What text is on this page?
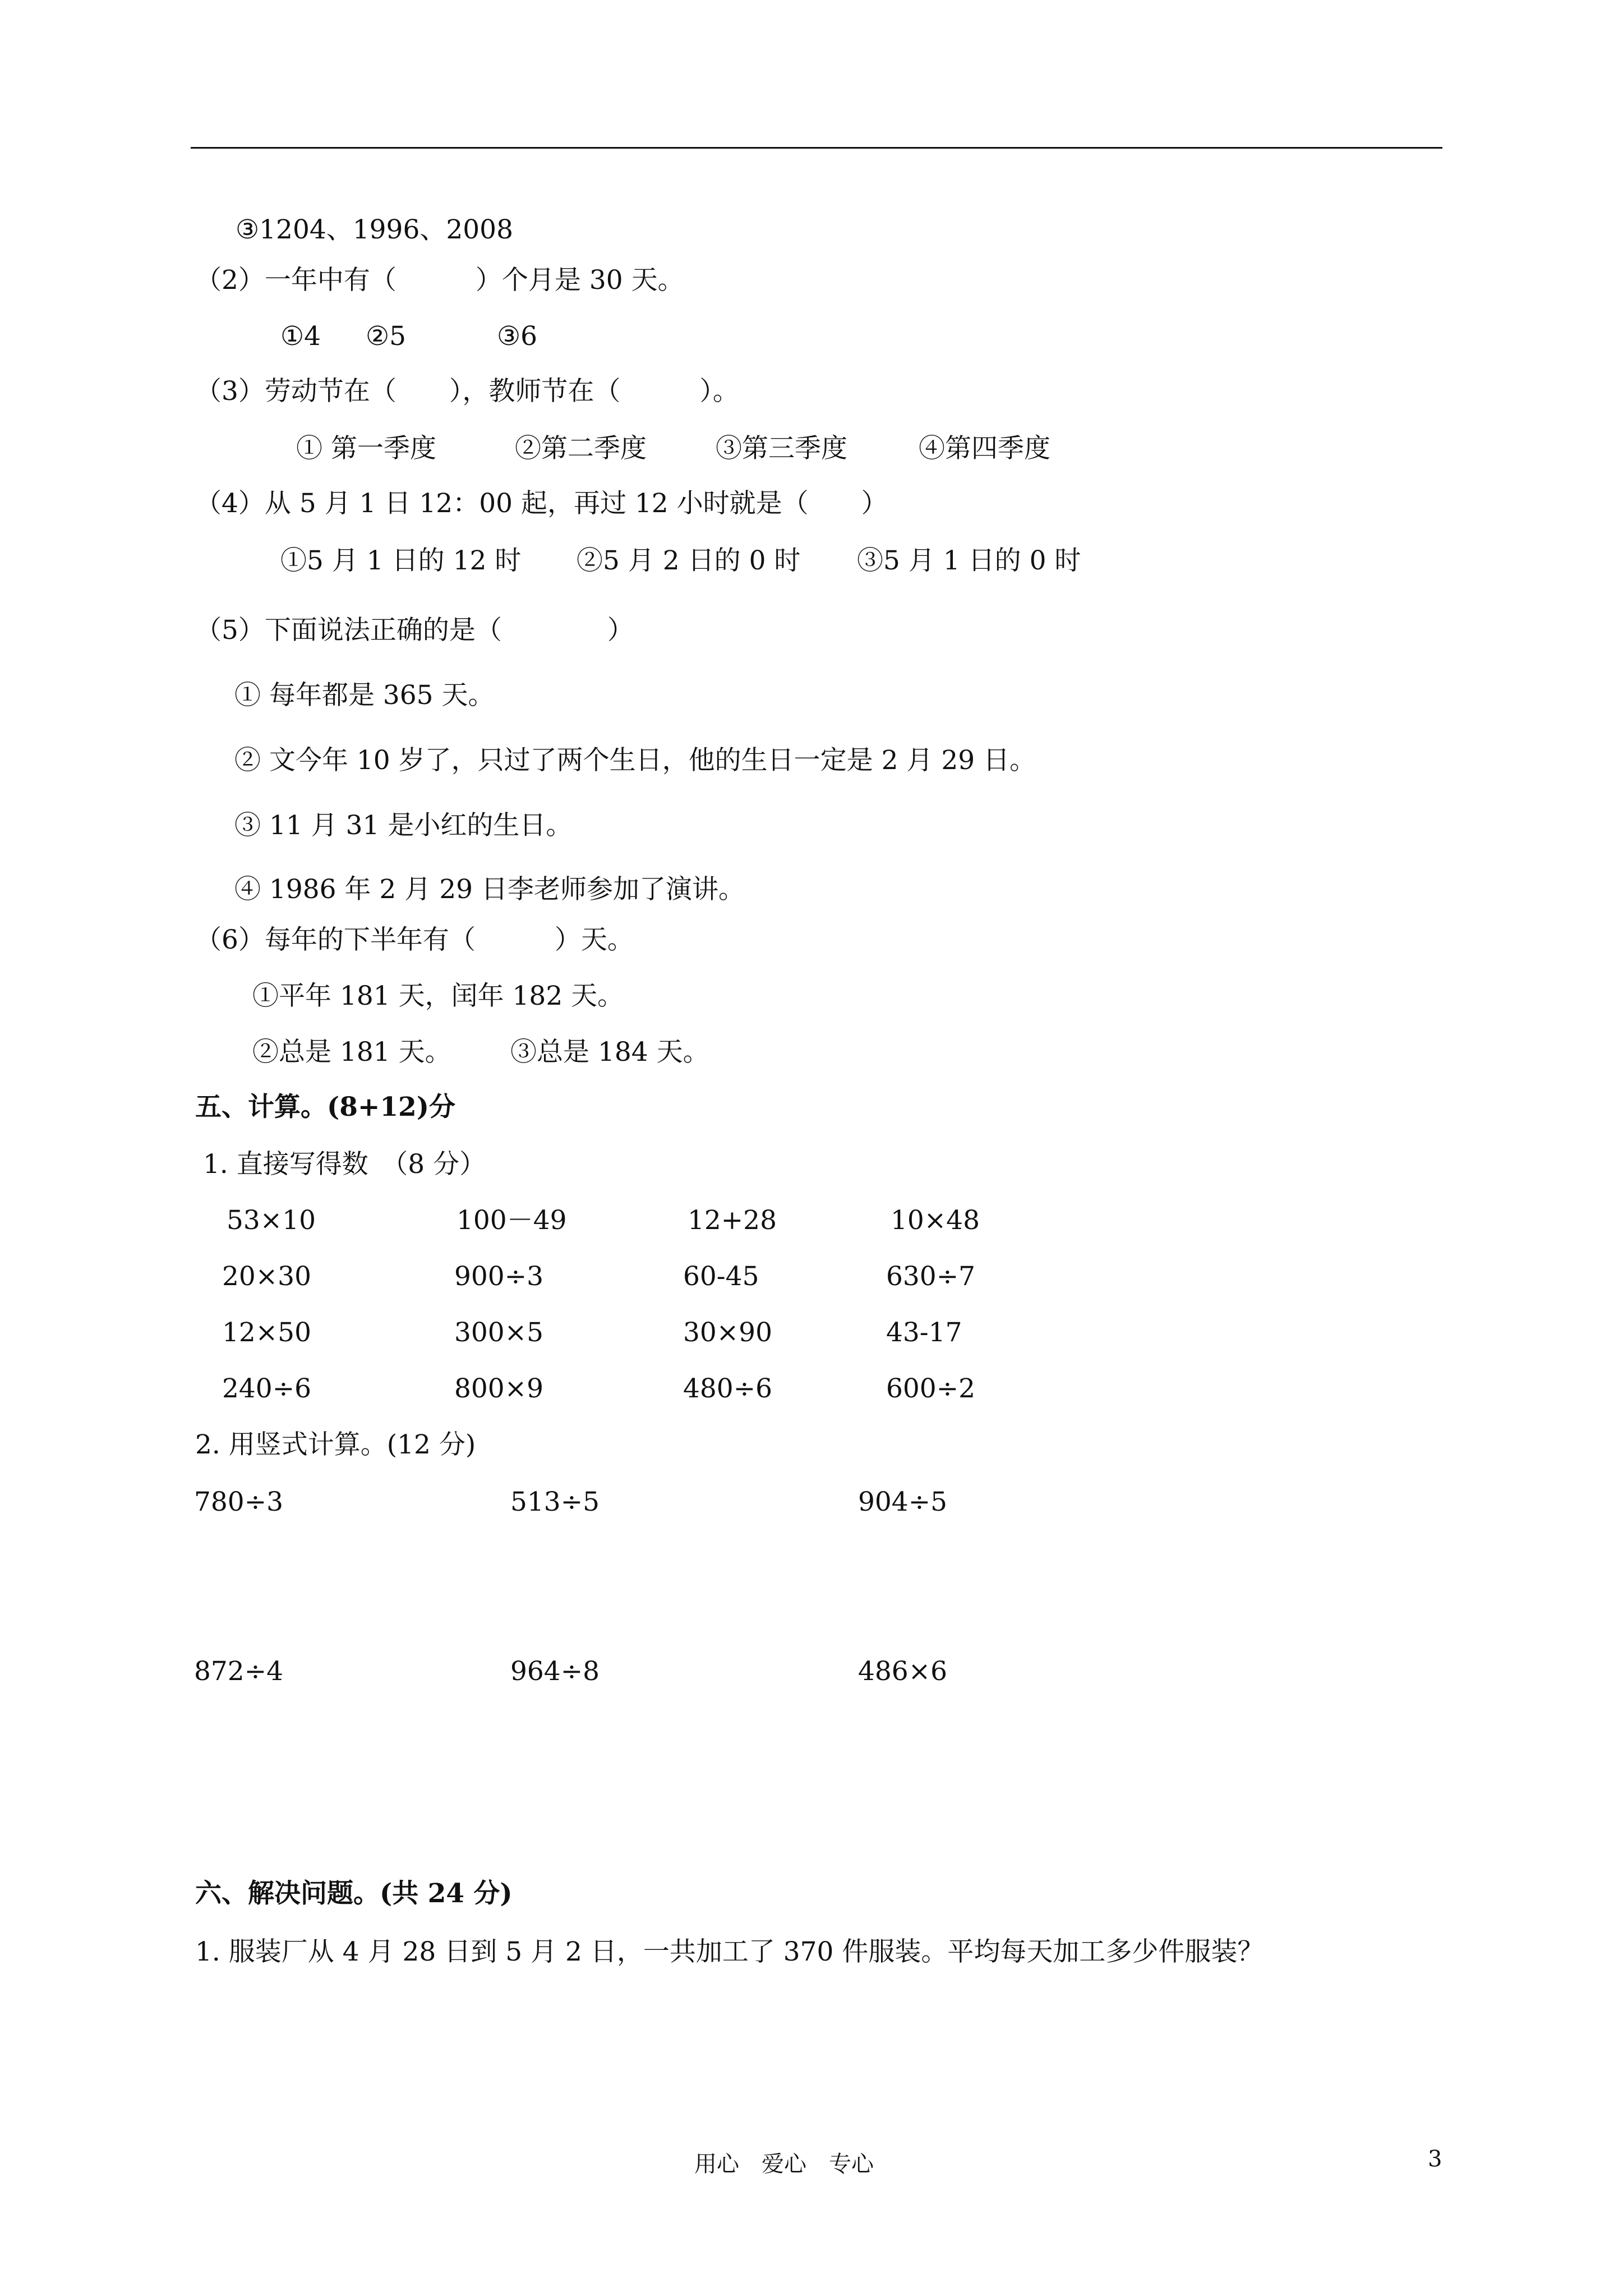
③1204、1996、2008
（2）一年中有（　　　）个月是 30 天。
①4 ②5	③6
（3）劳动节在（　　），教师节在（　　　）。
① 第一季度	②第二季度	③第三季度	④第四季度
（4）从 5 月 1 日 12：00 起，再过 12 小时就是（　　）
①5 月 1 日的 12 时 ②5 月 2 日的 0 时 ③5 月 1 日的 0 时
（5）下面说法正确的是（　　　　）
① 每年都是 365 天。
② 文今年 10 岁了，只过了两个生日，他的生日一定是 2 月 29 日。
③ 11 月 31 是小红的生日。
④ 1986 年 2 月 29 日李老师参加了演讲。
（6）每年的下半年有（　　　）天。
①平年 181 天，闰年 182 天。
②总是 181 天。 ③总是 184 天。
五、计算。(8+12)分
1. 直接写得数　（8 分）
53×10	100－49	12+28	10×48
20×30	900÷3	60-45	630÷7
12×50	300×5	30×90	43-17
240÷6	800×9	480÷6	600÷2
2. 用竖式计算。(12 分)
780÷3	513÷5	904÷5
872÷4	964÷8	486×6
六、解决问题。(共 24 分)
1. 服装厂从 4 月 28 日到 5 月 2 日，一共加工了 370 件服装。平均每天加工多少件服装？
用心　爱心　专心	3
